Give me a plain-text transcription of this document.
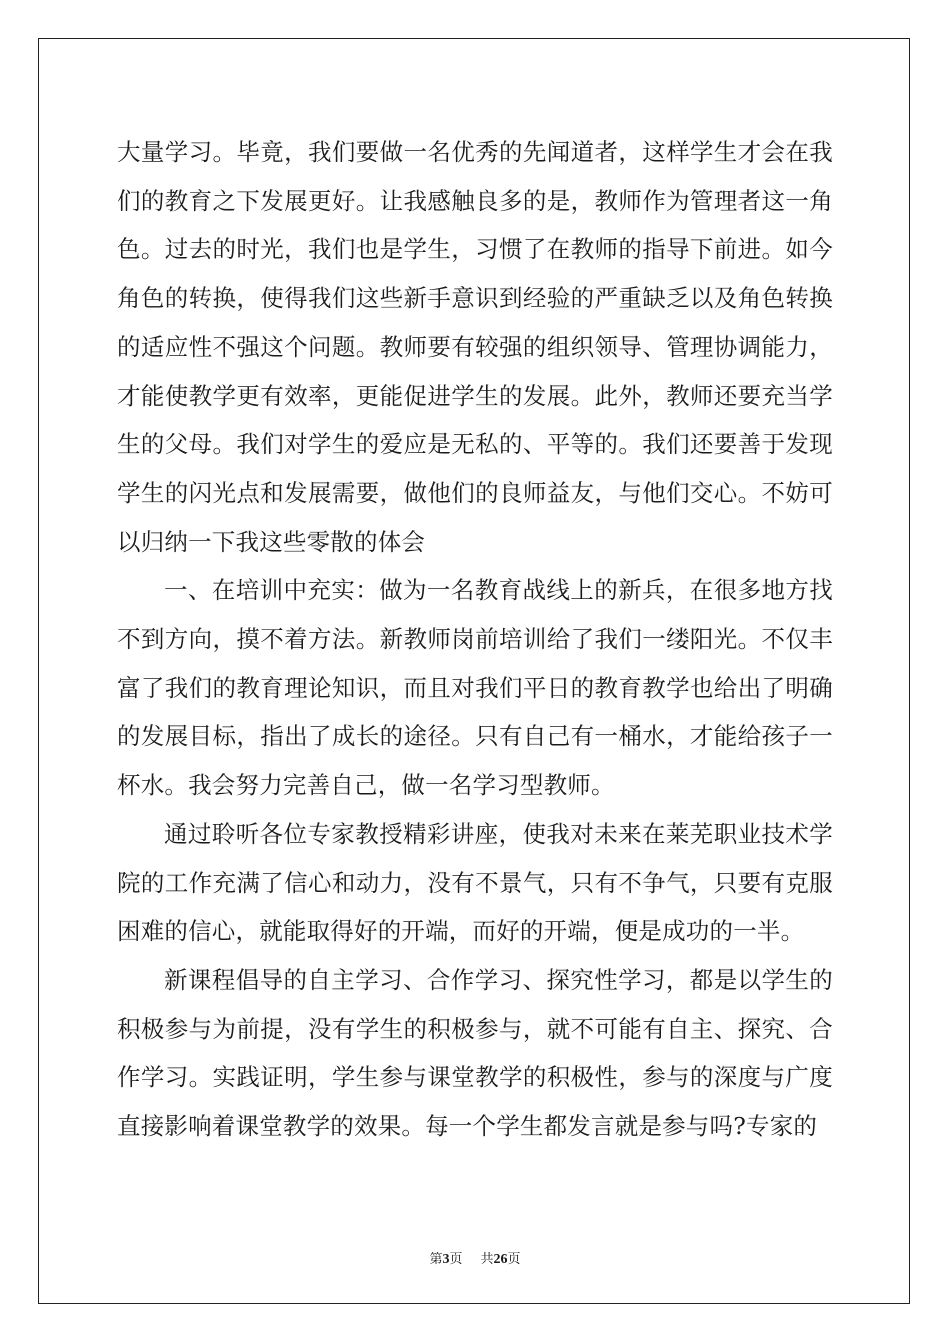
大量学习。毕竟，我们要做一名优秀的先闻道者，这样学生才会在我们的教育之下发展更好。让我感触良多的是，教师作为管理者这一角色。过去的时光，我们也是学生，习惯了在教师的指导下前进。如今角色的转换，使得我们这些新手意识到经验的严重缺乏以及角色转换的适应性不强这个问题。教师要有较强的组织领导、管理协调能力，才能使教学更有效率，更能促进学生的发展。此外，教师还要充当学生的父母。我们对学生的爱应是无私的、平等的。我们还要善于发现学生的闪光点和发展需要，做他们的良师益友，与他们交心。不妨可以归纳一下我这些零散的体会

一、在培训中充实：做为一名教育战线上的新兵，在很多地方找不到方向，摸不着方法。新教师岗前培训给了我们一缕阳光。不仅丰富了我们的教育理论知识，而且对我们平日的教育教学也给出了明确的发展目标，指出了成长的途径。只有自己有一桶水，才能给孩子一杯水。我会努力完善自己，做一名学习型教师。

通过聆听各位专家教授精彩讲座，使我对未来在莱芜职业技术学院的工作充满了信心和动力，没有不景气，只有不争气，只要有克服困难的信心，就能取得好的开端，而好的开端，便是成功的一半。

新课程倡导的自主学习、合作学习、探究性学习，都是以学生的积极参与为前提，没有学生的积极参与，就不可能有自主、探究、合作学习。实践证明，学生参与课堂教学的积极性，参与的深度与广度直接影响着课堂教学的效果。每一个学生都发言就是参与吗?专家的

第3页 共26页
